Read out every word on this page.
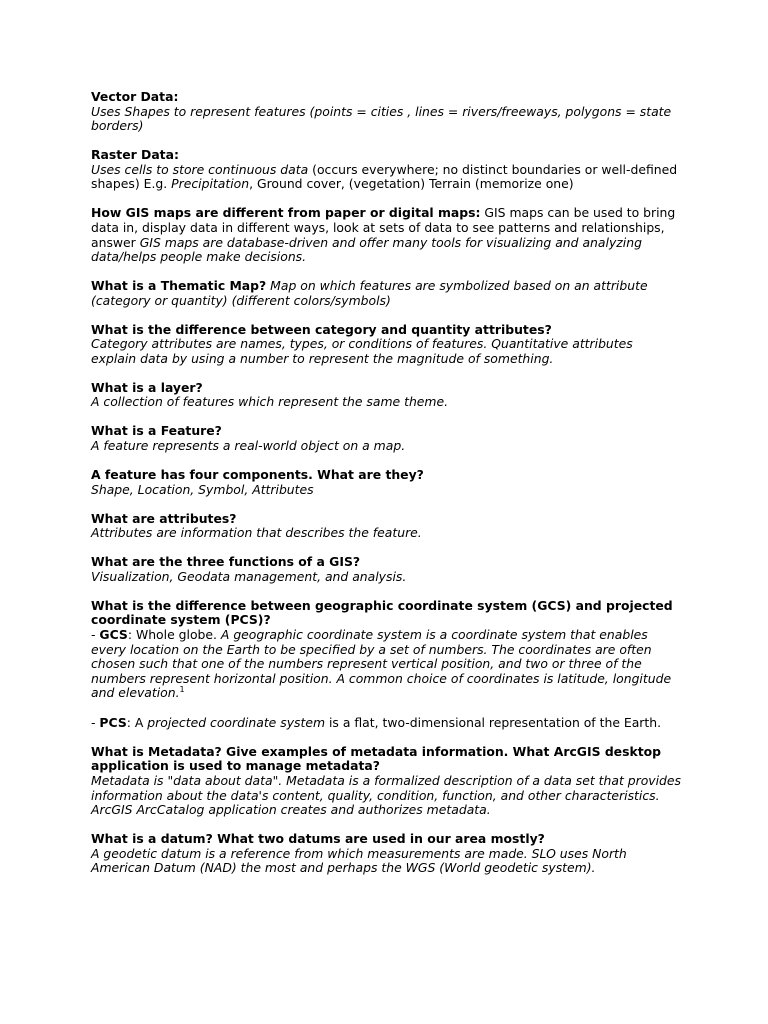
Vector Data:
Uses Shapes to represent features (points = cities , lines = rivers/freeways, polygons = state borders)
Raster Data:
Uses cells to store continuous data (occurs everywhere; no distinct boundaries or well-defined shapes) E.g. Precipitation, Ground cover, (vegetation) Terrain (memorize one)
How GIS maps are different from paper or digital maps: GIS maps can be used to bring data in, display data in different ways, look at sets of data to see patterns and relationships, answer GIS maps are database-driven and offer many tools for visualizing and analyzing data/helps people make decisions.
What is a Thematic Map? Map on which features are symbolized based on an attribute (category or quantity) (different colors/symbols)
What is the difference between category and quantity attributes?
Category attributes are names, types, or conditions of features. Quantitative attributes explain data by using a number to represent the magnitude of something.
What is a layer?
A collection of features which represent the same theme.
What is a Feature?
A feature represents a real-world object on a map.
A feature has four components. What are they?
Shape, Location, Symbol, Attributes
What are attributes?
Attributes are information that describes the feature.
What are the three functions of a GIS?
Visualization, Geodata management, and analysis.
What is the difference between geographic coordinate system (GCS) and projected coordinate system (PCS)?
- GCS: Whole globe. A geographic coordinate system is a coordinate system that enables every location on the Earth to be specified by a set of numbers. The coordinates are often chosen such that one of the numbers represent vertical position, and two or three of the numbers represent horizontal position. A common choice of coordinates is latitude, longitude and elevation.$^1$
- PCS: A projected coordinate system is a flat, two-dimensional representation of the Earth.
What is Metadata? Give examples of metadata information. What ArcGIS desktop application is used to manage metadata?
Metadata is "data about data". Metadata is a formalized description of a data set that provides information about the data's content, quality, condition, function, and other characteristics. ArcGIS ArcCatalog application creates and authorizes metadata.
What is a datum? What two datums are used in our area mostly?
A geodetic datum is a reference from which measurements are made. SLO uses North American Datum (NAD) the most and perhaps the WGS (World geodetic system).
